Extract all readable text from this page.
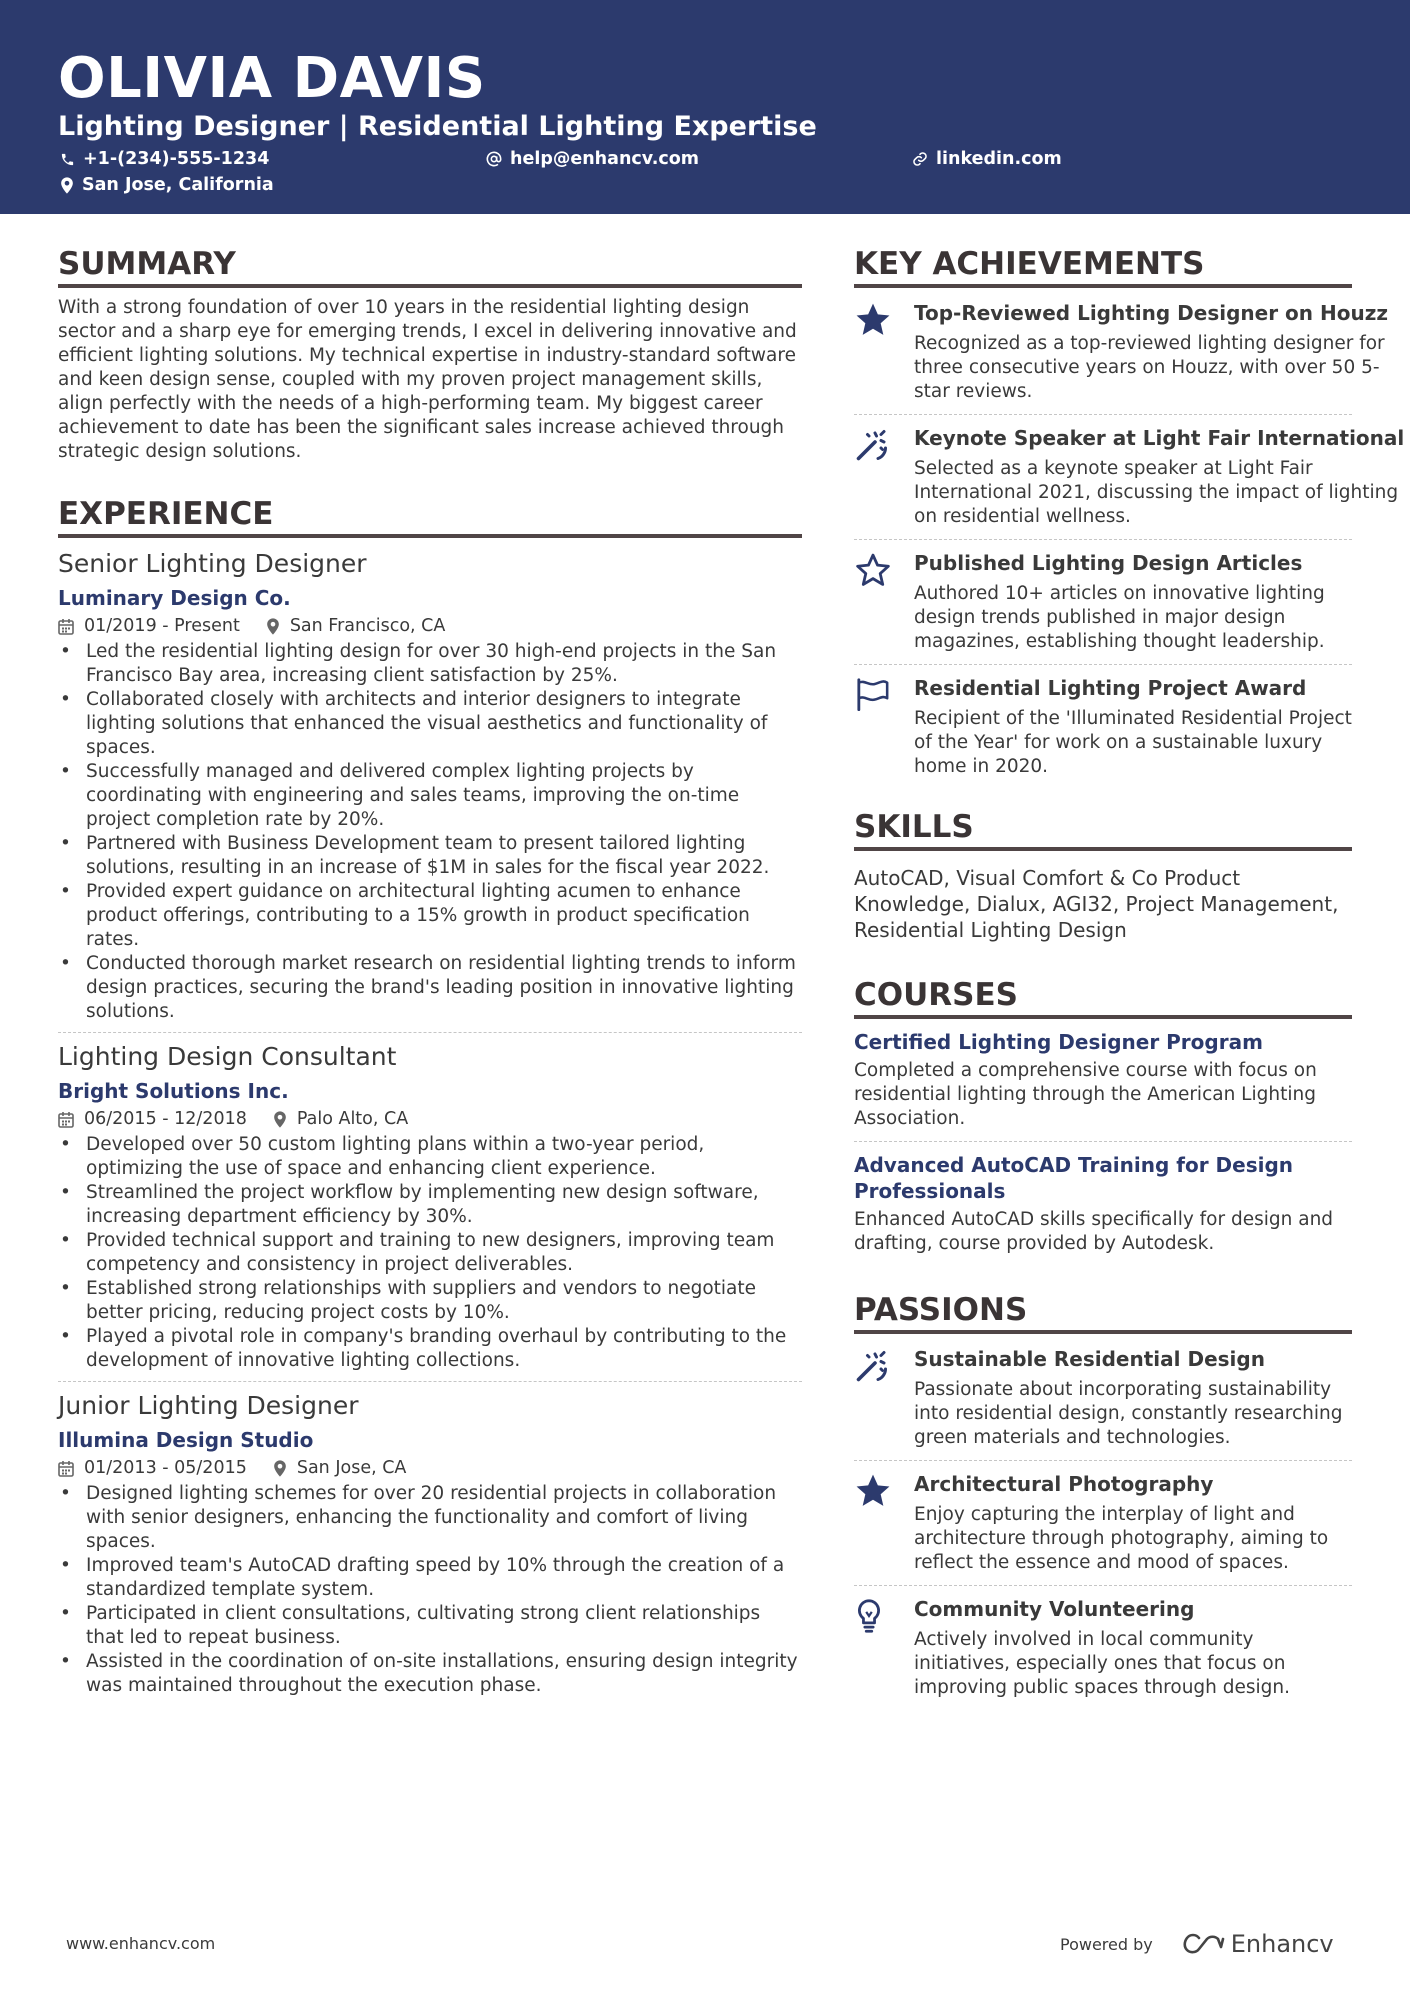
OLIVIA DAVIS
Lighting Designer | Residential Lighting Expertise
+1-(234)-555-1234	help@enhancv.com	linkedin.com
San Jose, California
SUMMARY
With a strong foundation of over 10 years in the residential lighting design sector and a sharp eye for emerging trends, I excel in delivering innovative and efficient lighting solutions. My technical expertise in industry-standard software and keen design sense, coupled with my proven project management skills, align perfectly with the needs of a high-performing team. My biggest career achievement to date has been the significant sales increase achieved through strategic design solutions.
EXPERIENCE
Senior Lighting Designer
Luminary Design Co.
01/2019 - Present	San Francisco, CA
• Led the residential lighting design for over 30 high-end projects in the San Francisco Bay area, increasing client satisfaction by 25%.
• Collaborated closely with architects and interior designers to integrate lighting solutions that enhanced the visual aesthetics and functionality of spaces.
• Successfully managed and delivered complex lighting projects by coordinating with engineering and sales teams, improving the on-time project completion rate by 20%.
• Partnered with Business Development team to present tailored lighting solutions, resulting in an increase of $1M in sales for the fiscal year 2022.
• Provided expert guidance on architectural lighting acumen to enhance product offerings, contributing to a 15% growth in product specification rates.
• Conducted thorough market research on residential lighting trends to inform design practices, securing the brand's leading position in innovative lighting solutions.
Lighting Design Consultant
Bright Solutions Inc.
06/2015 - 12/2018	Palo Alto, CA
• Developed over 50 custom lighting plans within a two-year period, optimizing the use of space and enhancing client experience.
• Streamlined the project workflow by implementing new design software, increasing department efficiency by 30%.
• Provided technical support and training to new designers, improving team competency and consistency in project deliverables.
• Established strong relationships with suppliers and vendors to negotiate better pricing, reducing project costs by 10%.
• Played a pivotal role in company's branding overhaul by contributing to the development of innovative lighting collections.
Junior Lighting Designer
Illumina Design Studio
01/2013 - 05/2015	San Jose, CA
• Designed lighting schemes for over 20 residential projects in collaboration with senior designers, enhancing the functionality and comfort of living spaces.
• Improved team's AutoCAD drafting speed by 10% through the creation of a standardized template system.
• Participated in client consultations, cultivating strong client relationships that led to repeat business.
• Assisted in the coordination of on-site installations, ensuring design integrity was maintained throughout the execution phase.
KEY ACHIEVEMENTS
Top-Reviewed Lighting Designer on Houzz
Recognized as a top-reviewed lighting designer for three consecutive years on Houzz, with over 50 5-star reviews.
Keynote Speaker at Light Fair International
Selected as a keynote speaker at Light Fair International 2021, discussing the impact of lighting on residential wellness.
Published Lighting Design Articles
Authored 10+ articles on innovative lighting design trends published in major design magazines, establishing thought leadership.
Residential Lighting Project Award
Recipient of the 'Illuminated Residential Project of the Year' for work on a sustainable luxury home in 2020.
SKILLS
AutoCAD, Visual Comfort & Co Product Knowledge, Dialux, AGI32, Project Management, Residential Lighting Design
COURSES
Certified Lighting Designer Program
Completed a comprehensive course with focus on residential lighting through the American Lighting Association.
Advanced AutoCAD Training for Design Professionals
Enhanced AutoCAD skills specifically for design and drafting, course provided by Autodesk.
PASSIONS
Sustainable Residential Design
Passionate about incorporating sustainability into residential design, constantly researching green materials and technologies.
Architectural Photography
Enjoy capturing the interplay of light and architecture through photography, aiming to reflect the essence and mood of spaces.
Community Volunteering
Actively involved in local community initiatives, especially ones that focus on improving public spaces through design.
www.enhancv.com	Powered by	Enhancv
